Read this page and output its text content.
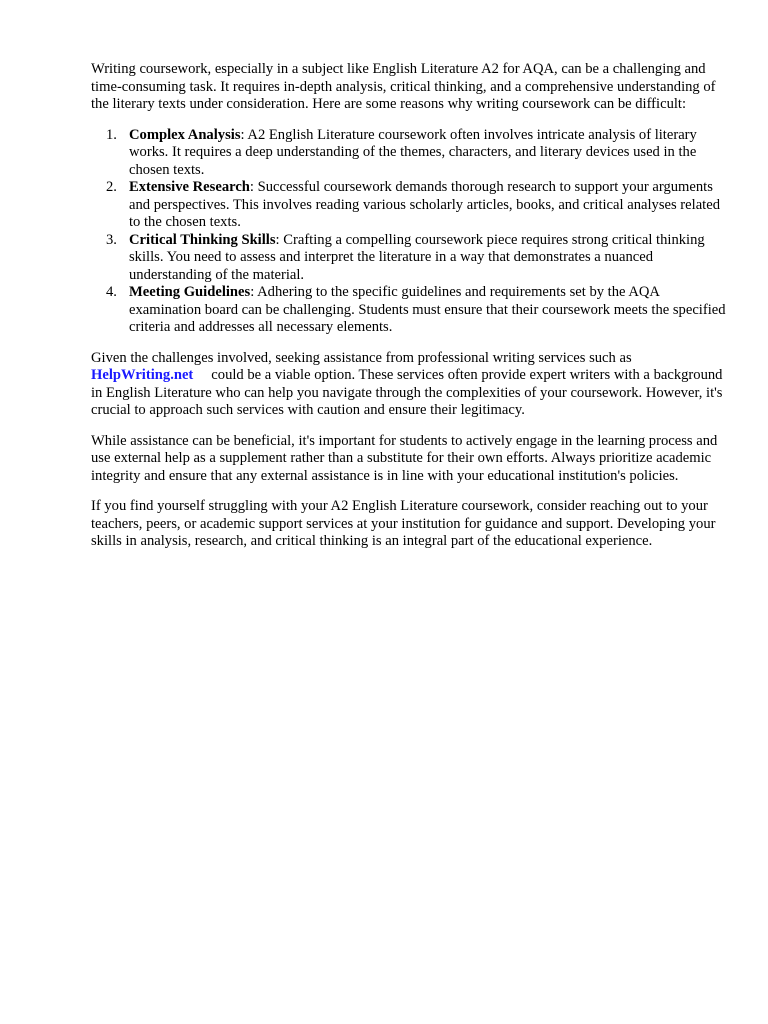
Writing coursework, especially in a subject like English Literature A2 for AQA, can be a challenging and time-consuming task. It requires in-depth analysis, critical thinking, and a comprehensive understanding of the literary texts under consideration. Here are some reasons why writing coursework can be difficult:

1. Complex Analysis: A2 English Literature coursework often involves intricate analysis of literary works. It requires a deep understanding of the themes, characters, and literary devices used in the chosen texts.
2. Extensive Research: Successful coursework demands thorough research to support your arguments and perspectives. This involves reading various scholarly articles, books, and critical analyses related to the chosen texts.
3. Critical Thinking Skills: Crafting a compelling coursework piece requires strong critical thinking skills. You need to assess and interpret the literature in a way that demonstrates a nuanced understanding of the material.
4. Meeting Guidelines: Adhering to the specific guidelines and requirements set by the AQA examination board can be challenging. Students must ensure that their coursework meets the specified criteria and addresses all necessary elements.

Given the challenges involved, seeking assistance from professional writing services such as
HelpWriting.net could be a viable option. These services often provide expert writers with a background in English Literature who can help you navigate through the complexities of your coursework. However, it's crucial to approach such services with caution and ensure their legitimacy.

While assistance can be beneficial, it's important for students to actively engage in the learning process and use external help as a supplement rather than a substitute for their own efforts. Always prioritize academic integrity and ensure that any external assistance is in line with your educational institution's policies.

If you find yourself struggling with your A2 English Literature coursework, consider reaching out to your teachers, peers, or academic support services at your institution for guidance and support. Developing your skills in analysis, research, and critical thinking is an integral part of the educational experience.
